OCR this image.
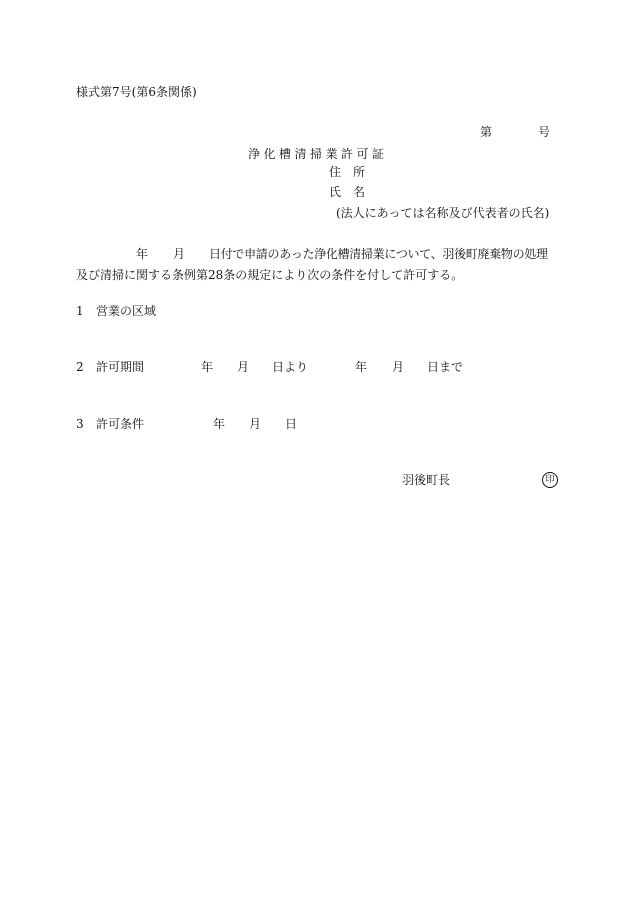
様式第7号(第6条関係)
第	号
浄化槽清掃業許可証
住　所
氏　名
(法人にあっては名称及び代表者の氏名)
年 月 日付で申請のあった浄化槽清掃業について、羽後町廃棄物の処理
及び清掃に関する条例第28条の規定により次の条件を付して許可する。
1 営業の区域
2 許可期間	年 月 日より	年 月 日まで
3 許可条件	年 月 日
羽後町長	印
